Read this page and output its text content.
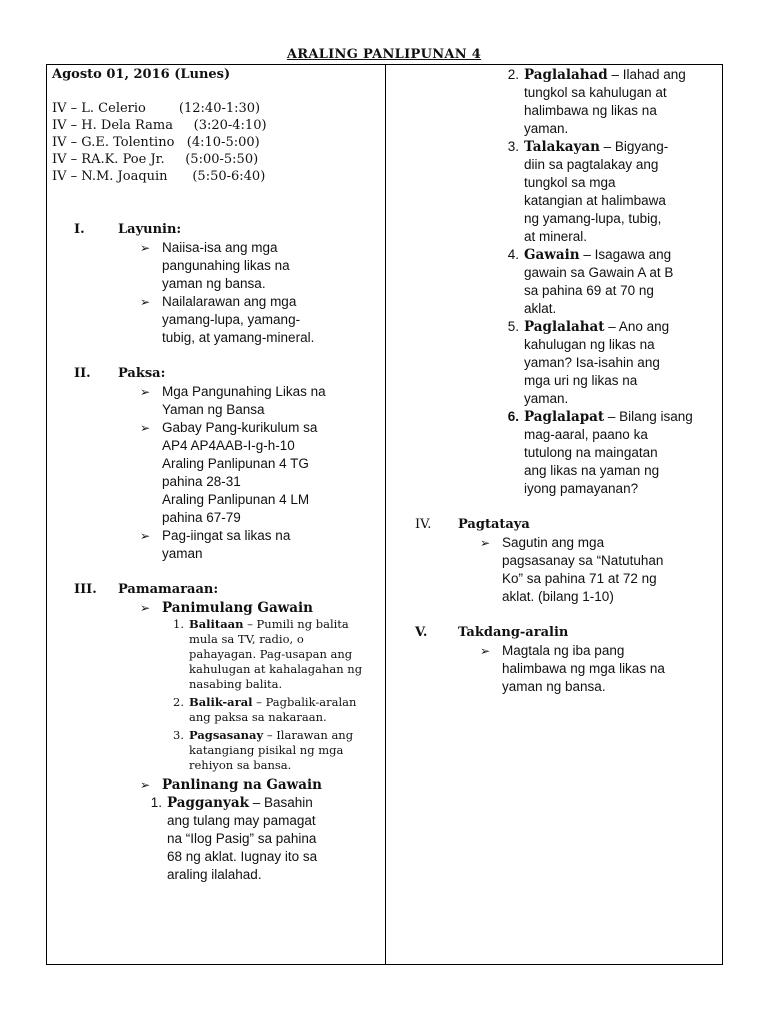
ARALING PANLIPUNAN 4
Agosto 01, 2016 (Lunes)
IV – L. Celerio        (12:40-1:30)
IV – H. Dela Rama     (3:20-4:10)
IV – G.E. Tolentino   (4:10-5:00)
IV – RA.K. Poe Jr.     (5:00-5:50)
IV – N.M. Joaquin      (5:50-6:40)
I.	Layunin:
➢ Naiisa-isa ang mga
pangunahing likas na
yaman ng bansa.
➢ Nailalarawan ang mga
yamang-lupa, yamang-
tubig, at yamang-mineral.
II.	Paksa:
➢ Mga Pangunahing Likas na
Yaman ng Bansa
➢ Gabay Pang-kurikulum sa
AP4 AP4AAB-I-g-h-10
Araling Panlipunan 4 TG
pahina 28-31
Araling Panlipunan 4 LM
pahina 67-79
➢ Pag-iingat sa likas na
yaman
III.	Pamamaraan:
➢ Panimulang Gawain
1. Balitaan – Pumili ng balita
mula sa TV, radio, o
pahayagan. Pag-usapan ang
kahulugan at kahalagahan ng
nasabing balita.
2. Balik-aral – Pagbalik-aralan
ang paksa sa nakaraan.
3. Pagsasanay – Ilarawan ang
katangiang pisikal ng mga
rehiyon sa bansa.
➢ Panlinang na Gawain
1. Pagganyak – Basahin
ang tulang may pamagat
na “Ilog Pasig” sa pahina
68 ng aklat. Iugnay ito sa
araling ilalahad.
2. Paglalahad – Ilahad ang
tungkol sa kahulugan at
halimbawa ng likas na
yaman.
3. Talakayan – Bigyang-
diin sa pagtalakay ang
tungkol sa mga
katangian at halimbawa
ng yamang-lupa, tubig,
at mineral.
4. Gawain – Isagawa ang
gawain sa Gawain A at B
sa pahina 69 at 70 ng
aklat.
5. Paglalahat – Ano ang
kahulugan ng likas na
yaman? Isa-isahin ang
mga uri ng likas na
yaman.
6. Paglalapat – Bilang isang
mag-aaral, paano ka
tutulong na maingatan
ang likas na yaman ng
iyong pamayanan?
IV.	Pagtataya
➢ Sagutin ang mga
pagsasanay sa “Natutuhan
Ko” sa pahina 71 at 72 ng
aklat. (bilang 1-10)
V.	Takdang-aralin
➢ Magtala ng iba pang
halimbawa ng mga likas na
yaman ng bansa.
